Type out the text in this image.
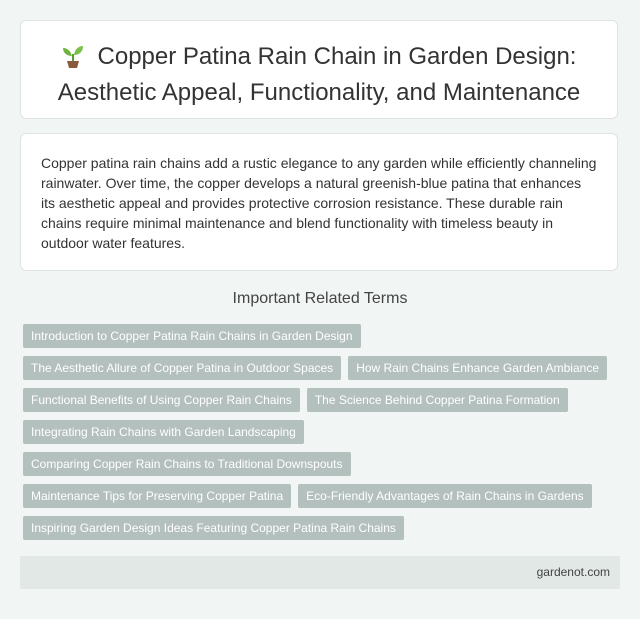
Copper Patina Rain Chain in Garden Design:
Aesthetic Appeal, Functionality, and Maintenance

Copper patina rain chains add a rustic elegance to any garden while efficiently channeling rainwater. Over time, the copper develops a natural greenish-blue patina that enhances its aesthetic appeal and provides protective corrosion resistance. These durable rain chains require minimal maintenance and blend functionality with timeless beauty in outdoor water features.

Important Related Terms
Introduction to Copper Patina Rain Chains in Garden Design
The Aesthetic Allure of Copper Patina in Outdoor Spaces	How Rain Chains Enhance Garden Ambiance
Functional Benefits of Using Copper Rain Chains	The Science Behind Copper Patina Formation
Integrating Rain Chains with Garden Landscaping
Comparing Copper Rain Chains to Traditional Downspouts
Maintenance Tips for Preserving Copper Patina	Eco-Friendly Advantages of Rain Chains in Gardens
Inspiring Garden Design Ideas Featuring Copper Patina Rain Chains
gardenot.com
